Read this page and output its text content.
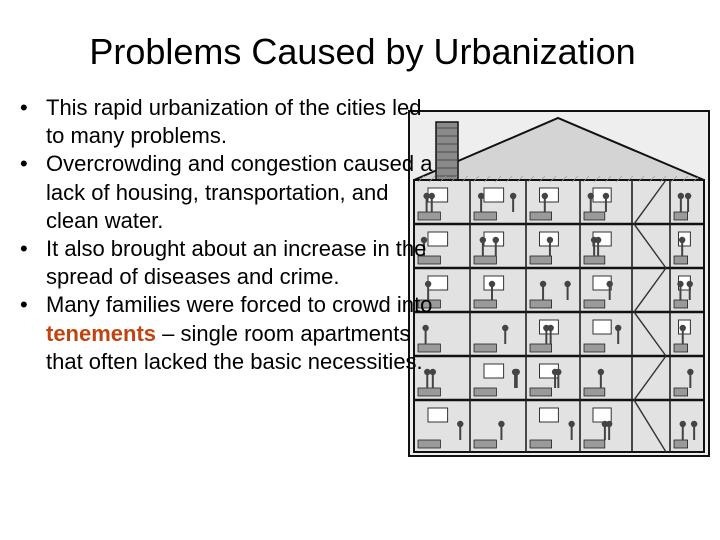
Problems Caused by Urbanization
• This rapid urbanization of the cities led to many problems.
• Overcrowding and congestion caused a lack of housing, transportation, and clean water.
• It also brought about an increase in the spread of diseases and crime.
• Many families were forced to crowd into tenements – single room apartments that often lacked the basic necessities.
